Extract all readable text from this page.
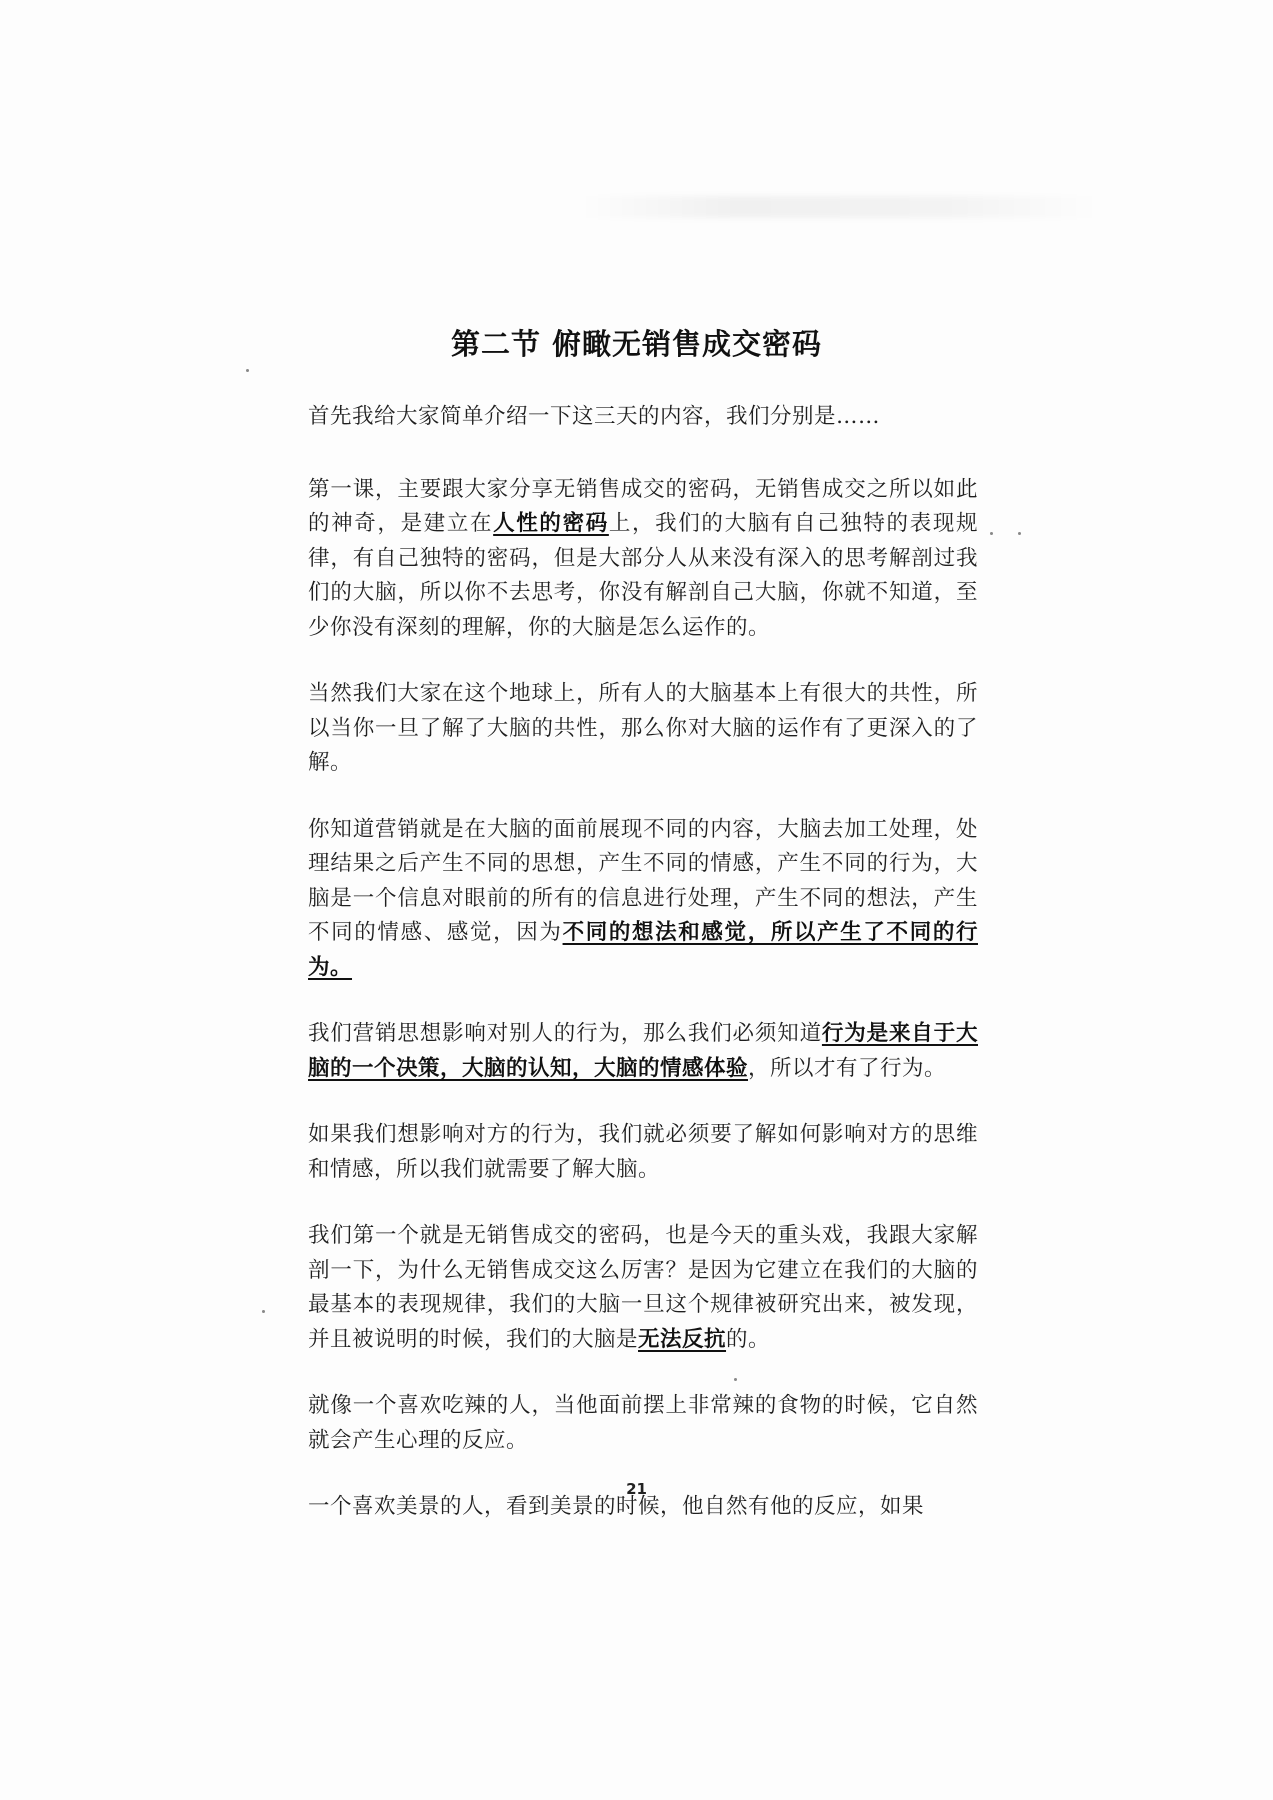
第二节 俯瞰无销售成交密码

首先我给大家简单介绍一下这三天的内容，我们分别是……

第一课，主要跟大家分享无销售成交的密码，无销售成交之所以如此的神奇，是建立在人性的密码上，我们的大脑有自己独特的表现规律，有自己独特的密码，但是大部分人从来没有深入的思考解剖过我们的大脑，所以你不去思考，你没有解剖自己大脑，你就不知道，至少你没有深刻的理解，你的大脑是怎么运作的。

当然我们大家在这个地球上，所有人的大脑基本上有很大的共性，所以当你一旦了解了大脑的共性，那么你对大脑的运作有了更深入的了解。

你知道营销就是在大脑的面前展现不同的内容，大脑去加工处理，处理结果之后产生不同的思想，产生不同的情感，产生不同的行为，大脑是一个信息对眼前的所有的信息进行处理，产生不同的想法，产生不同的情感、感觉，因为不同的想法和感觉，所以产生了不同的行为。

我们营销思想影响对别人的行为，那么我们必须知道行为是来自于大脑的一个决策，大脑的认知，大脑的情感体验，所以才有了行为。

如果我们想影响对方的行为，我们就必须要了解如何影响对方的思维和情感，所以我们就需要了解大脑。

我们第一个就是无销售成交的密码，也是今天的重头戏，我跟大家解剖一下，为什么无销售成交这么厉害？是因为它建立在我们的大脑的最基本的表现规律，我们的大脑一旦这个规律被研究出来，被发现，并且被说明的时候，我们的大脑是无法反抗的。

就像一个喜欢吃辣的人，当他面前摆上非常辣的食物的时候，它自然就会产生心理的反应。

一个喜欢美景的人，看到美景的时候，他自然有他的反应，如果

21
